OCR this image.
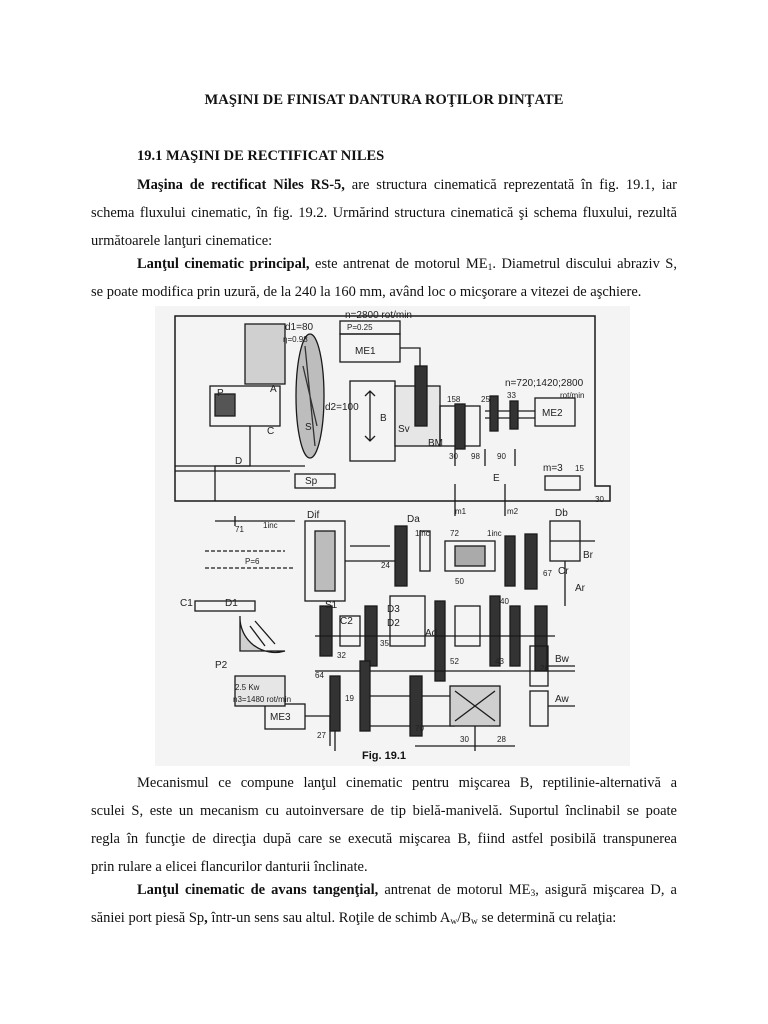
MAŞINI DE FINISAT DANTURA ROŢILOR DINŢATE
19.1 MAŞINI DE RECTIFICAT NILES
Maşina de rectificat Niles RS-5, are structura cinematică reprezentată în fig. 19.1, iar
schema fluxului cinematic, în fig. 19.2. Urmărind structura cinematică şi schema fluxului, rezultă
următoarele lanţuri cinematice:
Lanţul cinematic principal, este antrenat de motorul $ME_1$. Diametrul discului abraziv S,
se poate modifica prin uzură, de la 240 la 160 mm, având loc o micşorare a vitezei de aşchiere.
n=2800 rot/min
P=0.25
ME1
d1=80
η=0.98
d2=100
P	A
C	S
B
Sv
BM
n=720;1420;2800
rot/min
ME2
158	25 33
30 98 90
D
Sp	E
m=3 15
30
Dif	m1	m2
71 1inc
Da
Db
1inc	72
50
1inc
24
P=6
67 Cr
Ar
Br
C1	D1	S1
C2	D2
D3
Ad
35
40
32
52	43
26
Bw
Aw
P2
2.5 Kw
n3=1480 rot/min
ME3
64
19
27
70
30	28
Fig. 19.1
Mecanismul ce compune lanţul cinematic pentru mişcarea B, reptilinie-alternativă a
sculei S, este un mecanism cu autoinversare de tip bielă-manivelă. Suportul înclinabil se poate
regla în funcţie de direcţia după care se execută mişcarea B, fiind astfel posibilă transpunerea
prin rulare a elicei flancurilor danturii înclinate.
Lanţul cinematic de avans tangenţial, antrenat de motorul $ME_3$, asigură mişcarea D, a
săniei port piesă Sp, într-un sens sau altul. Roţile de schimb $A_w/B_w$ se determină cu relaţia:
